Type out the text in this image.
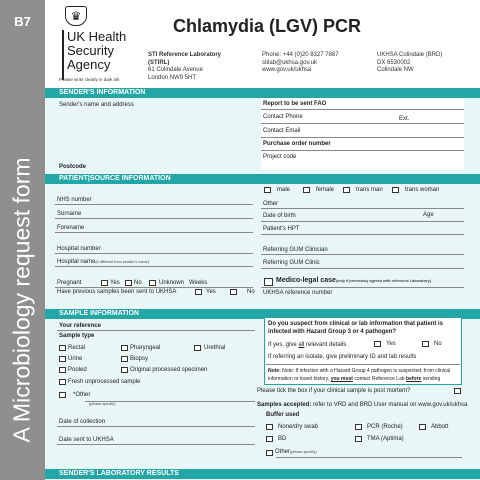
B7
A Microbiology request form
♛
UK Health
Security
Agency
Please write clearly in dark ink
Chlamydia (LGV) PCR
STI Reference Laboratory
(STIRL)
61 Colindale Avenue
London NW9 5HT
Phone: +44 (0)20 8327 7887
stilab@ukhsa.gov.uk
www.gov.uk/ukhsa
UKHSA Colindale (BRD)
DX 6530002
Colindale NW
SENDER'S INFORMATION
Sender's name and address
Postcode
Report to be sent FAO
Contact Phone	Ext.
Contact Email
Purchase order number
Project code
PATIENT|SOURCE INFORMATION
male	female	trans man	trans woman
Other
NHS number
Surname	Date of birth	Age
Forename	Patient's HPT
Hospital number	Referring GUM Clinician
Hospital name(if different from sender's name)	Referring GUM Clinic
Pregnant	Yes No	Unknown Weeks
Have previous samples been sent to UKHSA	Yes	No
Medico-legal case(only if previously agreed with reference Laboratory)
UKHSA reference number
SAMPLE INFORMATION
Your reference
Sample type
Rectal	Pharyngeal	Urethral
Urine	Biopsy
Pooled	Original processed specimen
Fresh unprocessed sample
*Other
(please specify)
Date of collection
Date sent to UKHSA
Do you suspect from clinical or lab information that patient is
infected with Hazard Group 3 or 4 pathogen?
If yes, give all relevant details	Yes	No
If referring an isolate, give preliminary ID and lab results
Note: Note: If infection with a Hazard Group 4 pathogen is suspected, from clinical
information or travel history, you must contact Reference Lab before sending
Please tick the box if your clinical sample is post mortem?
Samples accepted: refer to VRD and BRD User manual on www.gov.uk/ukhsa
Buffer used
None/dry swab	PCR (Roche)	Abbott
BD	TMA (Aptima)
Other(please specify)
SENDER'S LABORATORY RESULTS
